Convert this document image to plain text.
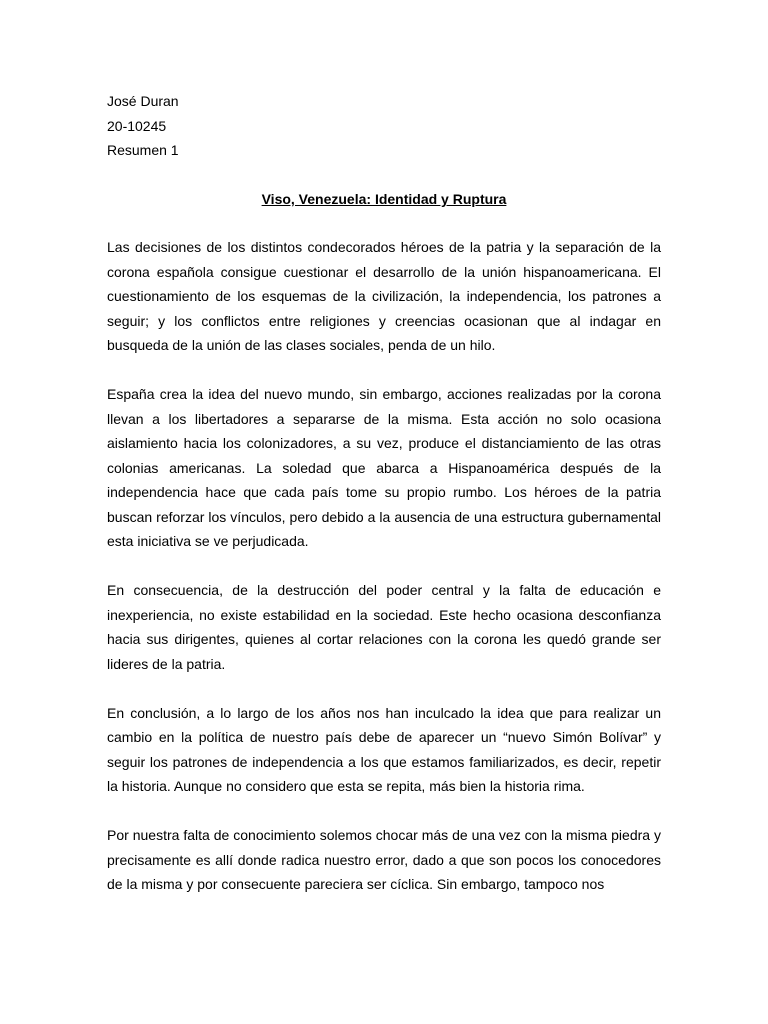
José Duran
20-10245
Resumen 1
Viso, Venezuela: Identidad y Ruptura

Las decisiones de los distintos condecorados héroes de la patria y la separación de la corona española consigue cuestionar el desarrollo de la unión hispanoamericana. El cuestionamiento de los esquemas de la civilización, la independencia, los patrones a seguir; y los conflictos entre religiones y creencias ocasionan que al indagar en busqueda de la unión de las clases sociales, penda de un hilo.

España crea la idea del nuevo mundo, sin embargo, acciones realizadas por la corona llevan a los libertadores a separarse de la misma. Esta acción no solo ocasiona aislamiento hacia los colonizadores, a su vez, produce el distanciamiento de las otras colonias americanas. La soledad que abarca a Hispanoamérica después de la independencia hace que cada país tome su propio rumbo. Los héroes de la patria buscan reforzar los vínculos, pero debido a la ausencia de una estructura gubernamental esta iniciativa se ve perjudicada.

En consecuencia, de la destrucción del poder central y la falta de educación e inexperiencia, no existe estabilidad en la sociedad. Este hecho ocasiona desconfianza hacia sus dirigentes, quienes al cortar relaciones con la corona les quedó grande ser lideres de la patria.

En conclusión, a lo largo de los años nos han inculcado la idea que para realizar un cambio en la política de nuestro país debe de aparecer un “nuevo Simón Bolívar” y seguir los patrones de independencia a los que estamos familiarizados, es decir, repetir la historia. Aunque no considero que esta se repita, más bien la historia rima.

Por nuestra falta de conocimiento solemos chocar más de una vez con la misma piedra y precisamente es allí donde radica nuestro error, dado a que son pocos los conocedores de la misma y por consecuente pareciera ser cíclica. Sin embargo, tampoco nos
